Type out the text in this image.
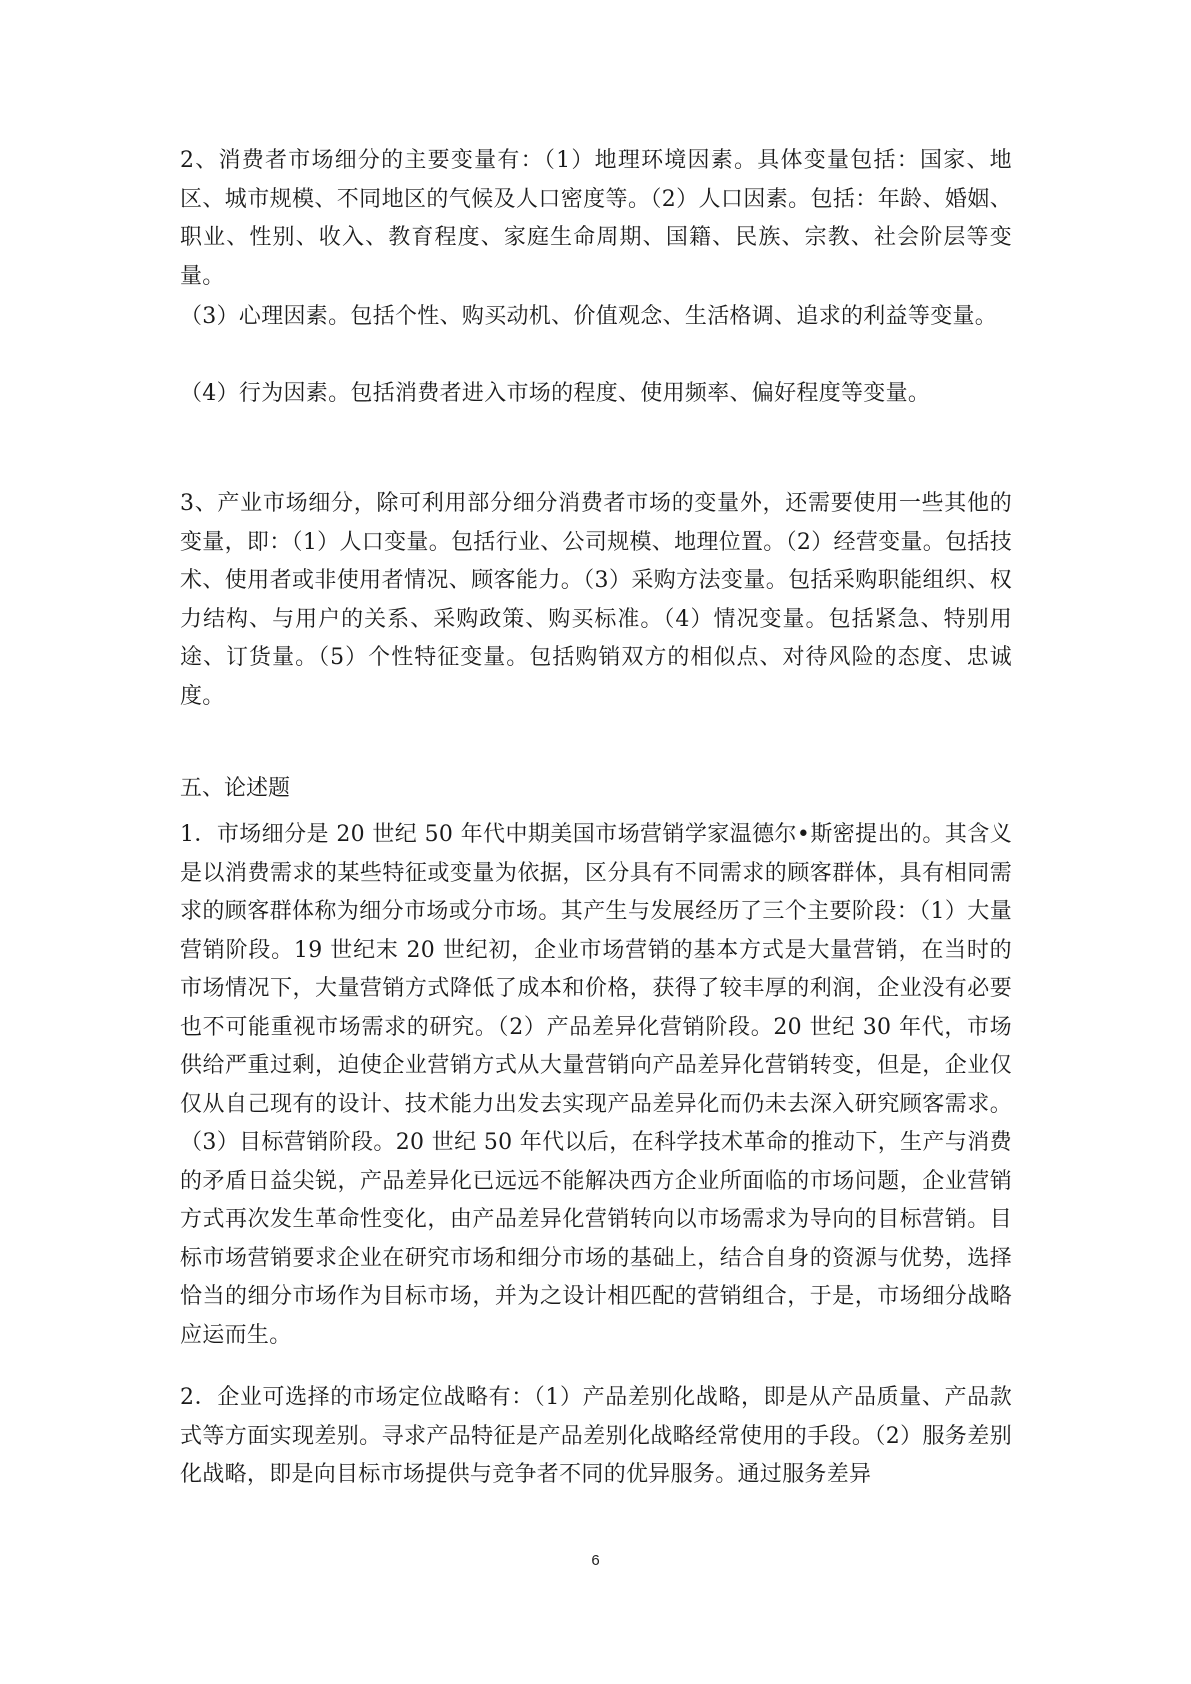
2、消费者市场细分的主要变量有：（1）地理环境因素。具体变量包括：国家、地区、城市规模、不同地区的气候及人口密度等。（2）人口因素。包括：年龄、婚姻、职业、性别、收入、教育程度、家庭生命周期、国籍、民族、宗教、社会阶层等变量。

（3）心理因素。包括个性、购买动机、价值观念、生活格调、追求的利益等变量。

（4）行为因素。包括消费者进入市场的程度、使用频率、偏好程度等变量。

3、产业市场细分，除可利用部分细分消费者市场的变量外，还需要使用一些其他的变量，即：（1）人口变量。包括行业、公司规模、地理位置。（2）经营变量。包括技术、使用者或非使用者情况、顾客能力。（3）采购方法变量。包括采购职能组织、权力结构、与用户的关系、采购政策、购买标准。（4）情况变量。包括紧急、特别用途、订货量。（5）个性特征变量。包括购销双方的相似点、对待风险的态度、忠诚度。

五、论述题

1．市场细分是 20 世纪 50 年代中期美国市场营销学家温德尔•斯密提出的。其含义是以消费需求的某些特征或变量为依据，区分具有不同需求的顾客群体，具有相同需求的顾客群体称为细分市场或分市场。其产生与发展经历了三个主要阶段：（1）大量营销阶段。19 世纪末 20 世纪初，企业市场营销的基本方式是大量营销，在当时的市场情况下，大量营销方式降低了成本和价格，获得了较丰厚的利润，企业没有必要也不可能重视市场需求的研究。（2）产品差异化营销阶段。20 世纪 30 年代，市场供给严重过剩，迫使企业营销方式从大量营销向产品差异化营销转变，但是，企业仅仅从自己现有的设计、技术能力出发去实现产品差异化而仍未去深入研究顾客需求。（3）目标营销阶段。20 世纪 50 年代以后，在科学技术革命的推动下，生产与消费的矛盾日益尖锐，产品差异化已远远不能解决西方企业所面临的市场问题，企业营销方式再次发生革命性变化，由产品差异化营销转向以市场需求为导向的目标营销。目标市场营销要求企业在研究市场和细分市场的基础上，结合自身的资源与优势，选择恰当的细分市场作为目标市场，并为之设计相匹配的营销组合，于是，市场细分战略应运而生。

2．企业可选择的市场定位战略有：（1）产品差别化战略，即是从产品质量、产品款式等方面实现差别。寻求产品特征是产品差别化战略经常使用的手段。（2）服务差别化战略，即是向目标市场提供与竞争者不同的优异服务。通过服务差异

6
